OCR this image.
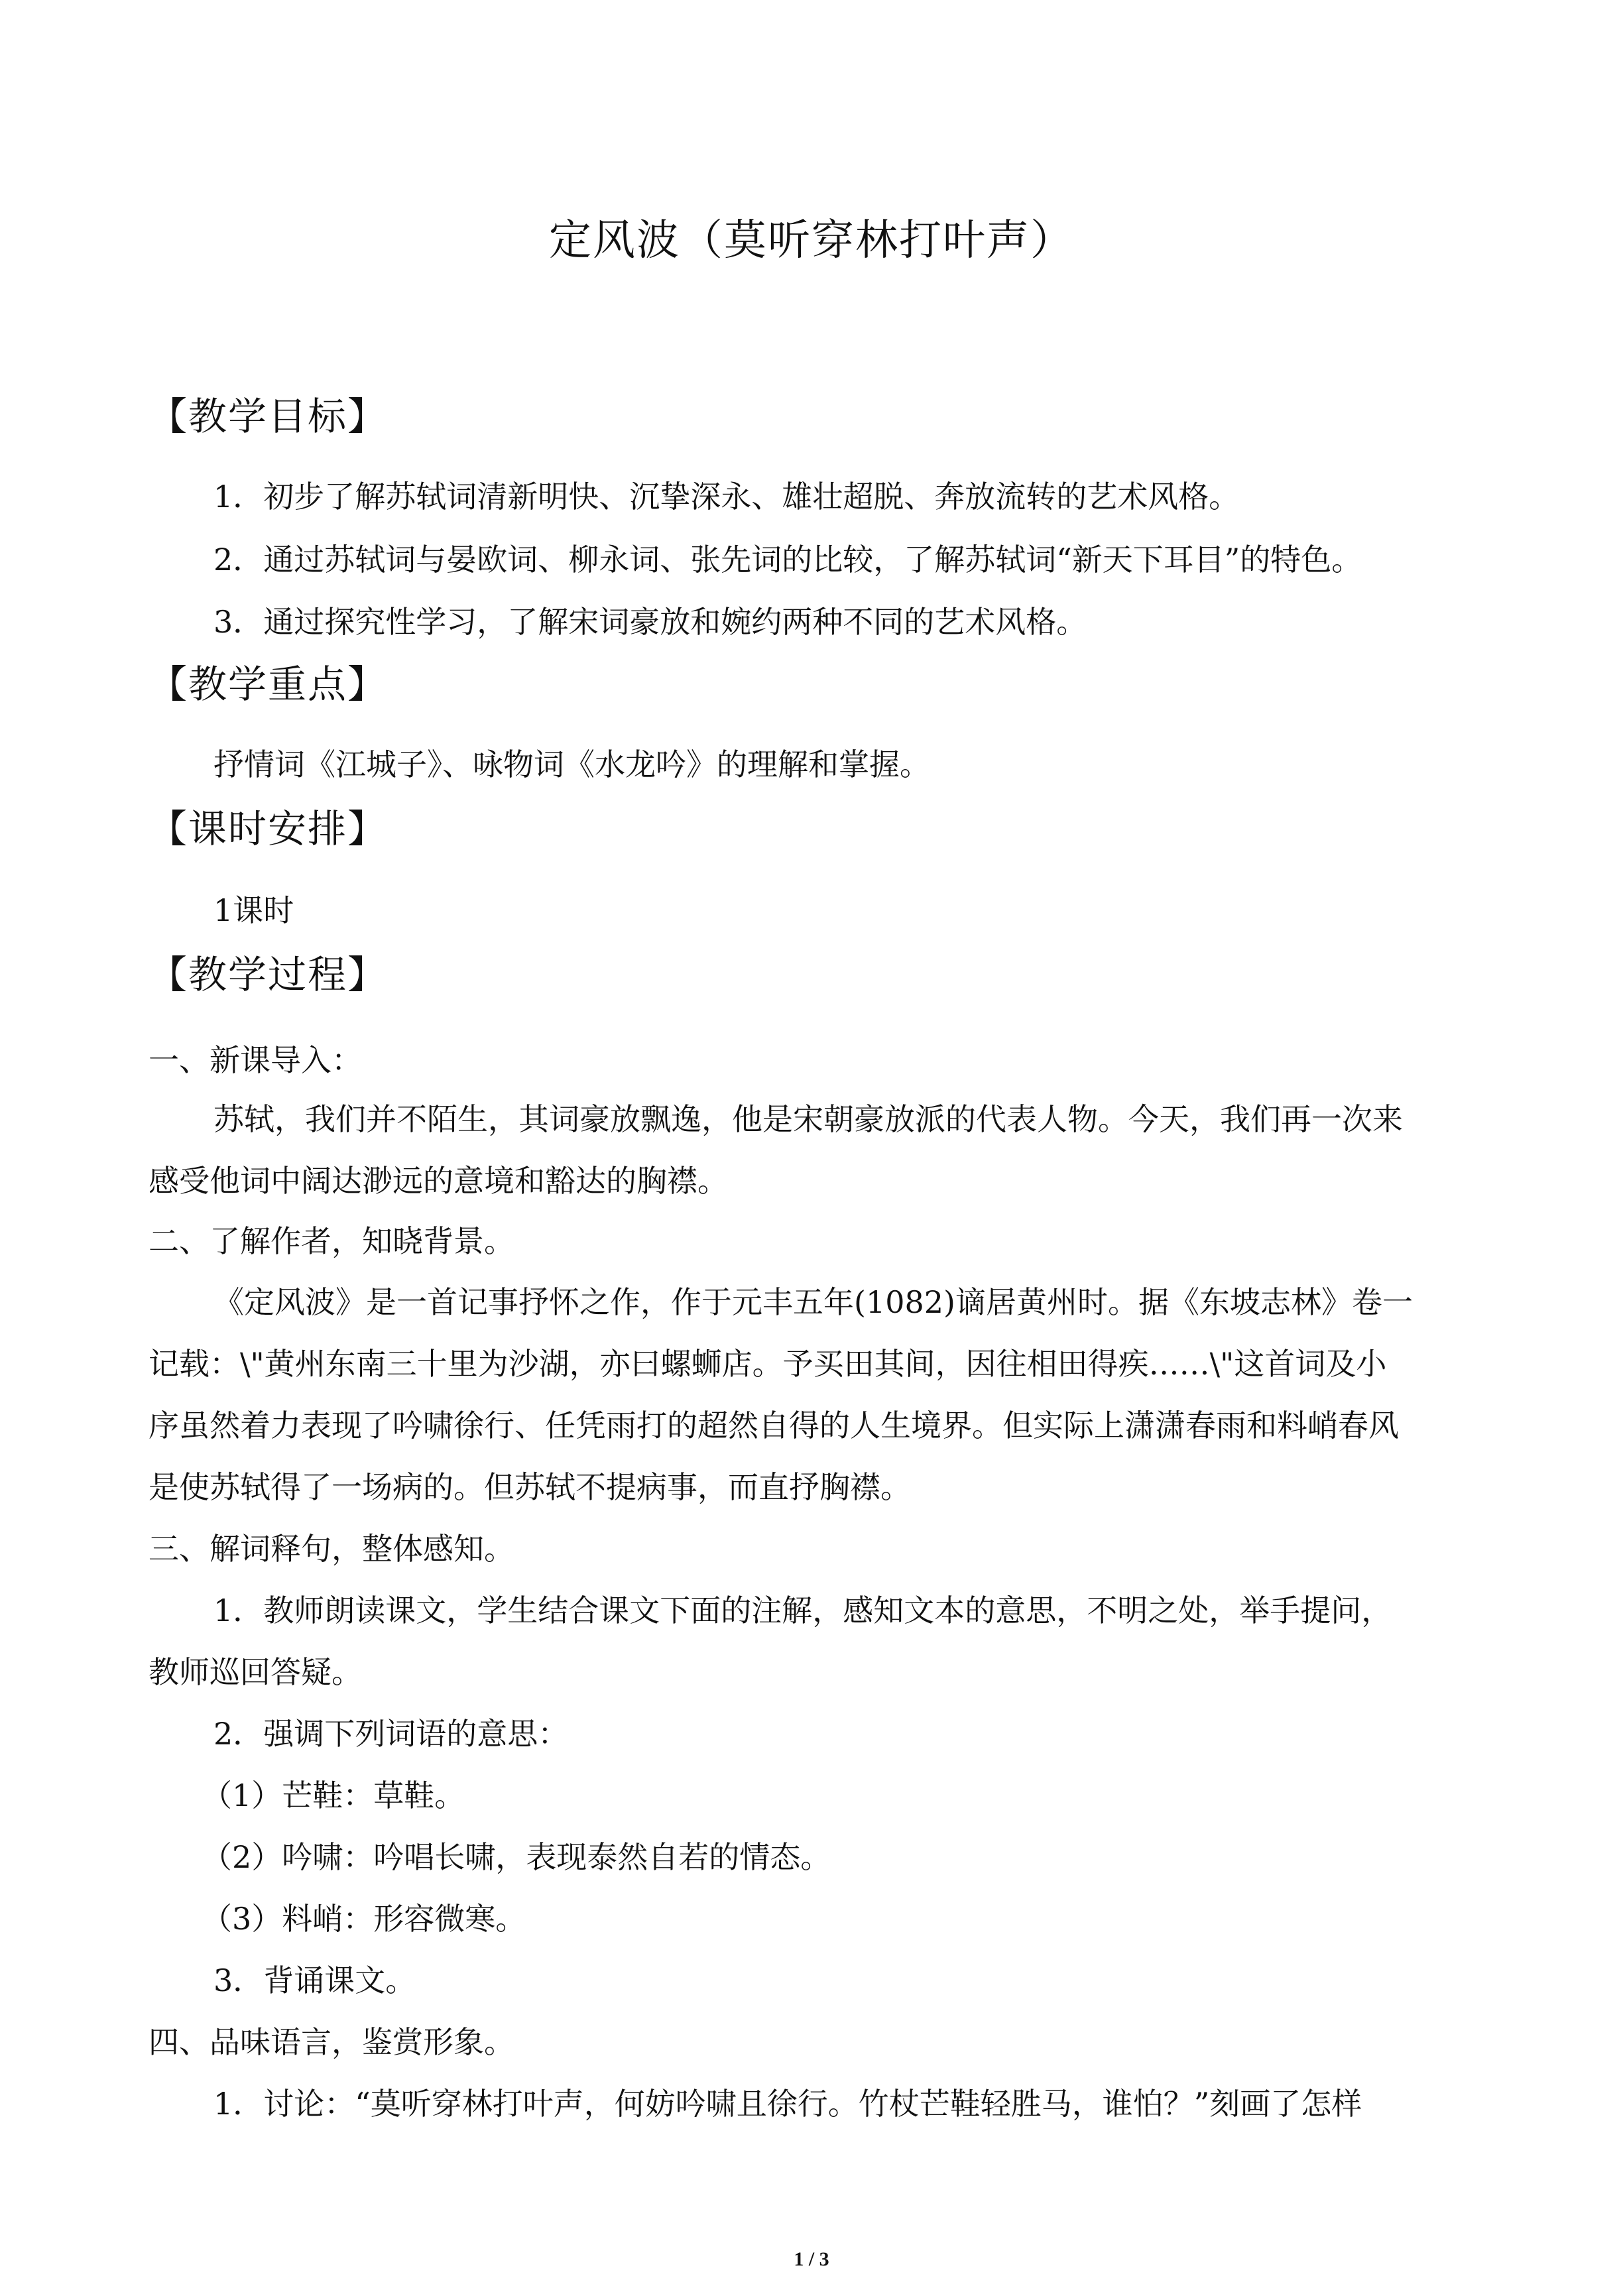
定风波（莫听穿林打叶声）
【教学目标】
1．初步了解苏轼词清新明快、沉挚深永、雄壮超脱、奔放流转的艺术风格。
2．通过苏轼词与晏欧词、柳永词、张先词的比较，了解苏轼词“新天下耳目”的特色。
3．通过探究性学习，了解宋词豪放和婉约两种不同的艺术风格。
【教学重点】
抒情词《江城子》、咏物词《水龙吟》的理解和掌握。
【课时安排】
1课时
【教学过程】
一、新课导入：
苏轼，我们并不陌生，其词豪放飘逸，他是宋朝豪放派的代表人物。今天，我们再一次来
感受他词中阔达渺远的意境和豁达的胸襟。
二、了解作者，知晓背景。
《定风波》是一首记事抒怀之作，作于元丰五年(1082)谪居黄州时。据《东坡志林》卷一
记载：\"黄州东南三十里为沙湖，亦曰螺蛳店。予买田其间，因往相田得疾……\"这首词及小
序虽然着力表现了吟啸徐行、任凭雨打的超然自得的人生境界。但实际上潇潇春雨和料峭春风
是使苏轼得了一场病的。但苏轼不提病事，而直抒胸襟。
三、解词释句，整体感知。
1．教师朗读课文，学生结合课文下面的注解，感知文本的意思，不明之处，举手提问，
教师巡回答疑。
2．强调下列词语的意思：
（1）芒鞋：草鞋。
（2）吟啸：吟唱长啸，表现泰然自若的情态。
（3）料峭：形容微寒。
3．背诵课文。
四、品味语言，鉴赏形象。
1．讨论：“莫听穿林打叶声，何妨吟啸且徐行。竹杖芒鞋轻胜马，谁怕？”刻画了怎样
1 / 3
